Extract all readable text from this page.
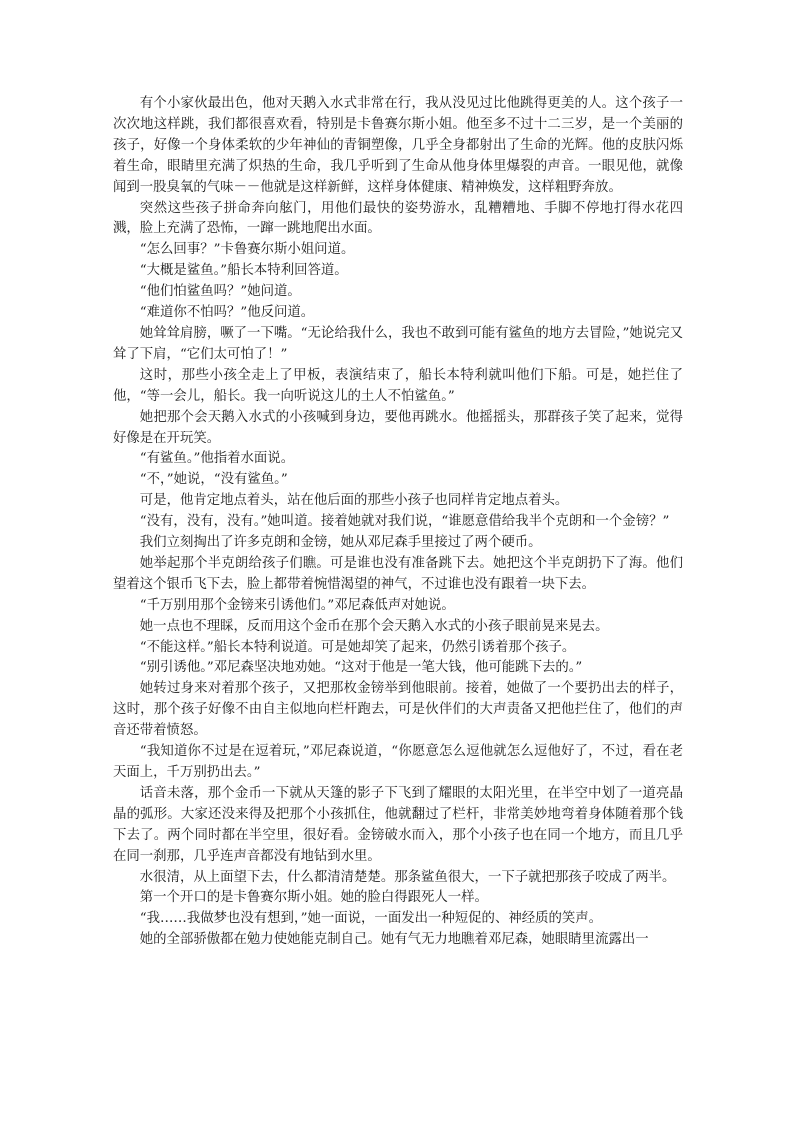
有个小家伙最出色，他对天鹅入水式非常在行，我从没见过比他跳得更美的人。这个孩子一次次地这样跳，我们都很喜欢看，特别是卡鲁赛尔斯小姐。他至多不过十二三岁，是一个美丽的孩子，好像一个身体柔软的少年神仙的青铜塑像，几乎全身都射出了生命的光辉。他的皮肤闪烁着生命，眼睛里充满了炽热的生命，我几乎听到了生命从他身体里爆裂的声音。一眼见他，就像闻到一股臭氧的气味－－他就是这样新鲜，这样身体健康、精神焕发，这样粗野奔放。

突然这些孩子拼命奔向舷门，用他们最快的姿势游水，乱糟糟地、手脚不停地打得水花四溅，脸上充满了恐怖，一蹿一跳地爬出水面。

“怎么回事？”卡鲁赛尔斯小姐问道。

“大概是鲨鱼。”船长本特利回答道。

“他们怕鲨鱼吗？”她问道。

“难道你不怕吗？”他反问道。

她耸耸肩膀，噘了一下嘴。“无论给我什么，我也不敢到可能有鲨鱼的地方去冒险，”她说完又耸了下肩，“它们太可怕了！”

这时，那些小孩全走上了甲板，表演结束了，船长本特利就叫他们下船。可是，她拦住了他，“等一会儿，船长。我一向听说这儿的土人不怕鲨鱼。”

她把那个会天鹅入水式的小孩喊到身边，要他再跳水。他摇摇头，那群孩子笑了起来，觉得好像是在开玩笑。

“有鲨鱼。”他指着水面说。

“不，”她说，“没有鲨鱼。”

可是，他肯定地点着头，站在他后面的那些小孩子也同样肯定地点着头。

“没有，没有，没有。”她叫道。接着她就对我们说，“谁愿意借给我半个克朗和一个金镑？”

我们立刻掏出了许多克朗和金镑，她从邓尼森手里接过了两个硬币。

她举起那个半克朗给孩子们瞧。可是谁也没有准备跳下去。她把这个半克朗扔下了海。他们望着这个银币飞下去，脸上都带着惋惜渴望的神气，不过谁也没有跟着一块下去。

“千万别用那个金镑来引诱他们。”邓尼森低声对她说。

她一点也不理睬，反而用这个金币在那个会天鹅入水式的小孩子眼前晃来晃去。

“不能这样。”船长本特利说道。可是她却笑了起来，仍然引诱着那个孩子。

“别引诱他。”邓尼森坚决地劝她。“这对于他是一笔大钱，他可能跳下去的。”

她转过身来对着那个孩子，又把那枚金镑举到他眼前。接着，她做了一个要扔出去的样子，这时，那个孩子好像不由自主似地向栏杆跑去，可是伙伴们的大声责备又把他拦住了，他们的声音还带着愤怒。

“我知道你不过是在逗着玩，”邓尼森说道，“你愿意怎么逗他就怎么逗他好了，不过，看在老天面上，千万别扔出去。”

话音未落，那个金币一下就从天篷的影子下飞到了耀眼的太阳光里，在半空中划了一道亮晶晶的弧形。大家还没来得及把那个小孩抓住，他就翻过了栏杆，非常美妙地弯着身体随着那个钱下去了。两个同时都在半空里，很好看。金镑破水而入，那个小孩子也在同一个地方，而且几乎在同一刹那，几乎连声音都没有地钻到水里。

水很清，从上面望下去，什么都清清楚楚。那条鲨鱼很大，一下子就把那孩子咬成了两半。

第一个开口的是卡鲁赛尔斯小姐。她的脸白得跟死人一样。

“我……我做梦也没有想到，”她一面说，一面发出一种短促的、神经质的笑声。

她的全部骄傲都在勉力使她能克制自己。她有气无力地瞧着邓尼森，她眼睛里流露出一
